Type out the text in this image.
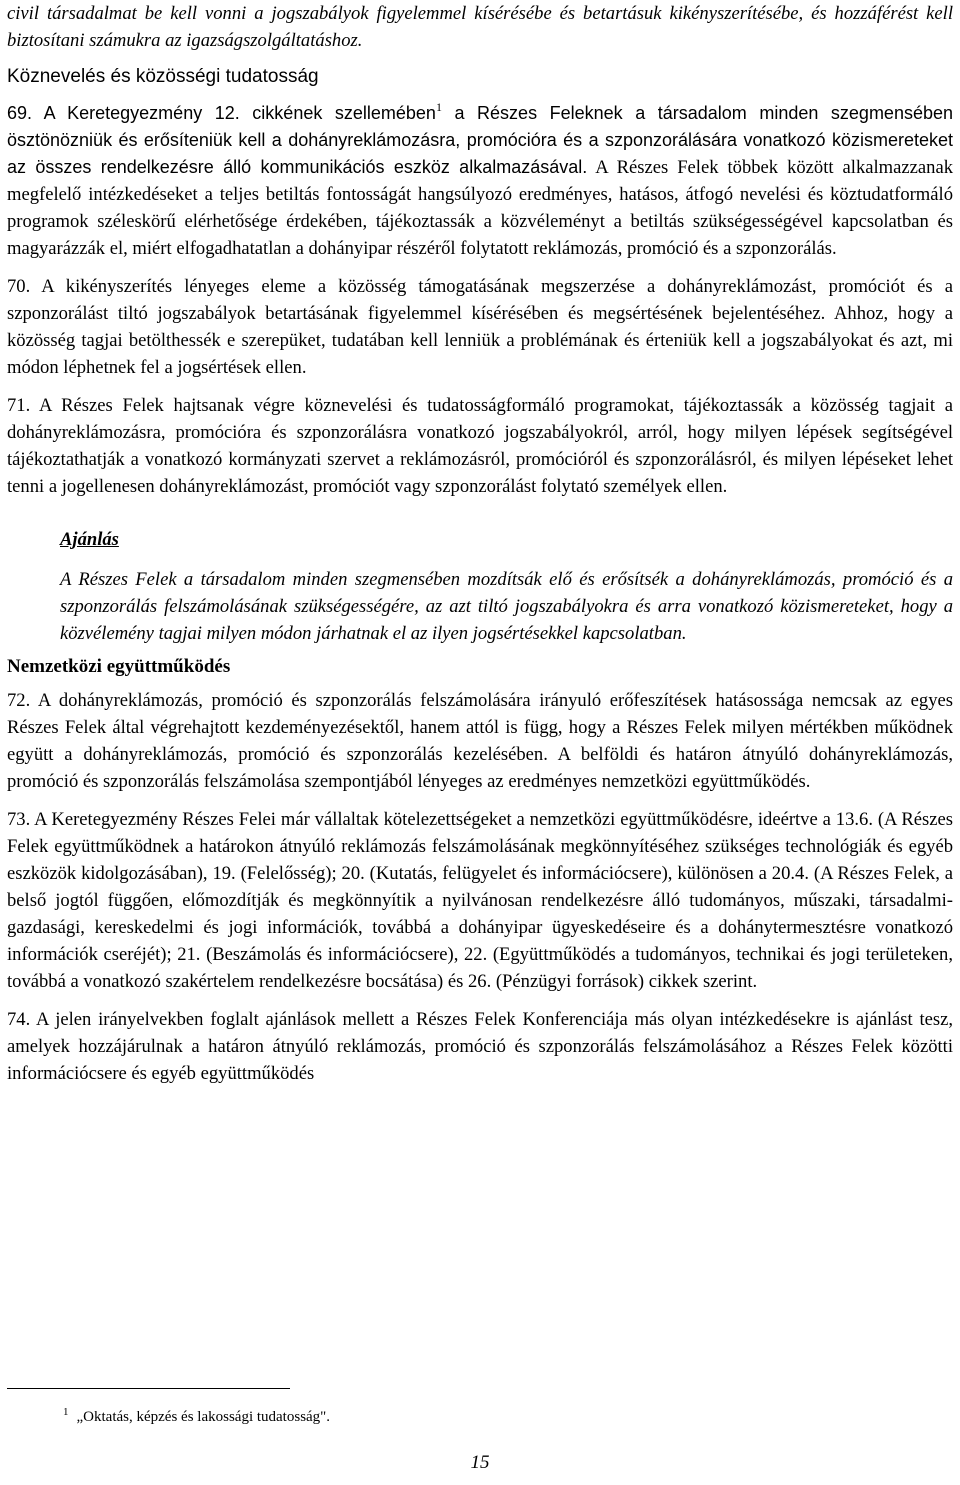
civil társadalmat be kell vonni a jogszabályok figyelemmel kísérésébe és betartásuk kikényszerítésébe, és hozzáférést kell biztosítani számukra az igazságszolgáltatáshoz.

Köznevelés és közösségi tudatosság

69. A Keretegyezmény 12. cikkének szellemében$^1$ a Részes Feleknek a társadalom minden szegmensében ösztönözniük és erősíteniük kell a dohányreklámozásra, promócióra és a szponzorálására vonatkozó közismereteket az összes rendelkezésre álló kommunikációs eszköz alkalmazásával. A Részes Felek többek között alkalmazzanak megfelelő intézkedéseket a teljes betiltás fontosságát hangsúlyozó eredményes, hatásos, átfogó nevelési és köztudatformáló programok széleskörű elérhetősége érdekében, tájékoztassák a közvéleményt a betiltás szükségességével kapcsolatban és magyarázzák el, miért elfogadhatatlan a dohányipar részéről folytatott reklámozás, promóció és a szponzorálás.

70. A kikényszerítés lényeges eleme a közösség támogatásának megszerzése a dohányreklámozást, promóciót és a szponzorálást tiltó jogszabályok betartásának figyelemmel kísérésében és megsértésének bejelentéséhez. Ahhoz, hogy a közösség tagjai betölthessék e szerepüket, tudatában kell lenniük a problémának és érteniük kell a jogszabályokat és azt, mi módon léphetnek fel a jogsértések ellen.

71. A Részes Felek hajtsanak végre köznevelési és tudatosságformáló programokat, tájékoztassák a közösség tagjait a dohányreklámozásra, promócióra és szponzorálásra vonatkozó jogszabályokról, arról, hogy milyen lépések segítségével tájékoztathatják a vonatkozó kormányzati szervet a reklámozásról, promócióról és szponzorálásról, és milyen lépéseket lehet tenni a jogellenesen dohányreklámozást, promóciót vagy szponzorálást folytató személyek ellen.

Ajánlás

A Részes Felek a társadalom minden szegmensében mozdítsák elő és erősítsék a dohányreklámozás, promóció és a szponzorálás felszámolásának szükségességére, az azt tiltó jogszabályokra és arra vonatkozó közismereteket, hogy a közvélemény tagjai milyen módon járhatnak el az ilyen jogsértésekkel kapcsolatban.

Nemzetközi együttműködés

72. A dohányreklámozás, promóció és szponzorálás felszámolására irányuló erőfeszítések hatásossága nemcsak az egyes Részes Felek által végrehajtott kezdeményezésektől, hanem attól is függ, hogy a Részes Felek milyen mértékben működnek együtt a dohányreklámozás, promóció és szponzorálás kezelésében. A belföldi és határon átnyúló dohányreklámozás, promóció és szponzorálás felszámolása szempontjából lényeges az eredményes nemzetközi együttműködés.

73. A Keretegyezmény Részes Felei már vállaltak kötelezettségeket a nemzetközi együttműködésre, ideértve a 13.6. (A Részes Felek együttműködnek a határokon átnyúló reklámozás felszámolásának megkönnyítéséhez szükséges technológiák és egyéb eszközök kidolgozásában), 19. (Felelősség); 20. (Kutatás, felügyelet és információcsere), különösen a 20.4. (A Részes Felek, a belső jogtól függően, előmozdítják és megkönnyítik a nyilvánosan rendelkezésre álló tudományos, műszaki, társadalmi-gazdasági, kereskedelmi és jogi információk, továbbá a dohányipar ügyeskedéseire és a dohánytermesztésre vonatkozó információk cseréjét); 21. (Beszámolás és információcsere), 22. (Együttműködés a tudományos, technikai és jogi területeken, továbbá a vonatkozó szakértelem rendelkezésre bocsátása) és 26. (Pénzügyi források) cikkek szerint.

74. A jelen irányelvekben foglalt ajánlások mellett a Részes Felek Konferenciája más olyan intézkedésekre is ajánlást tesz, amelyek hozzájárulnak a határon átnyúló reklámozás, promóció és szponzorálás felszámolásához a Részes Felek közötti információcsere és egyéb együttműködés

$^1$ „Oktatás, képzés és lakossági tudatosság".
15
